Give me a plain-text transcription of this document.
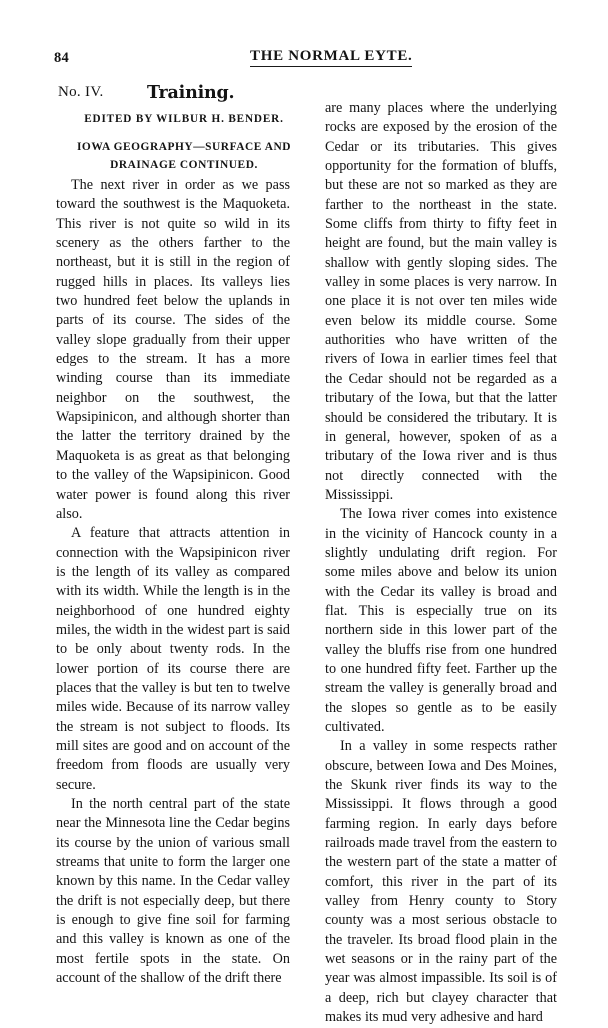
84	THE NORMAL EYTE.
No. IV. Training.
EDITED BY WILBUR H. BENDER.
IOWA GEOGRAPHY—SURFACE AND DRAINAGE CONTINUED.

The next river in order as we pass toward the southwest is the Maquoketa. This river is not quite so wild in its scenery as the others farther to the northeast, but it is still in the region of rugged hills in places. Its valleys lies two hundred feet below the uplands in parts of its course. The sides of the valley slope gradually from their upper edges to the stream. It has a more winding course than its immediate neighbor on the southwest, the Wapsipinicon, and although shorter than the latter the territory drained by the Maquoketa is as great as that belonging to the valley of the Wapsipinicon. Good water power is found along this river also.

A feature that attracts attention in connection with the Wapsipinicon river is the length of its valley as compared with its width. While the length is in the neighborhood of one hundred eighty miles, the width in the widest part is said to be only about twenty rods. In the lower portion of its course there are places that the valley is but ten to twelve miles wide. Because of its narrow valley the stream is not subject to floods. Its mill sites are good and on account of the freedom from floods are usually very secure.

In the north central part of the state near the Minnesota line the Cedar begins its course by the union of various small streams that unite to form the larger one known by this name. In the Cedar valley the drift is not especially deep, but there is enough to give fine soil for farming and this valley is known as one of the most fertile spots in the state. On account of the shallow of the drift there

are many places where the underlying rocks are exposed by the erosion of the Cedar or its tributaries. This gives opportunity for the formation of bluffs, but these are not so marked as they are farther to the northeast in the state. Some cliffs from thirty to fifty feet in height are found, but the main valley is shallow with gently sloping sides. The valley in some places is very narrow. In one place it is not over ten miles wide even below its middle course. Some authorities who have written of the rivers of Iowa in earlier times feel that the Cedar should not be regarded as a tributary of the Iowa, but that the latter should be considered the tributary. It is in general, however, spoken of as a tributary of the Iowa river and is thus not directly connected with the Mississippi.

The Iowa river comes into existence in the vicinity of Hancock county in a slightly undulating drift region. For some miles above and below its union with the Cedar its valley is broad and flat. This is especially true on its northern side in this lower part of the valley the bluffs rise from one hundred to one hundred fifty feet. Farther up the stream the valley is generally broad and the slopes so gentle as to be easily cultivated.

In a valley in some respects rather obscure, between Iowa and Des Moines, the Skunk river finds its way to the Mississippi. It flows through a good farming region. In early days before railroads made travel from the eastern to the western part of the state a matter of comfort, this river in the part of its valley from Henry county to Story county was a most serious obstacle to the traveler. Its broad flood plain in the wet seasons or in the rainy part of the year was almost impassible. Its soil is of a deep, rich but clayey character that makes its mud very adhesive and hard
